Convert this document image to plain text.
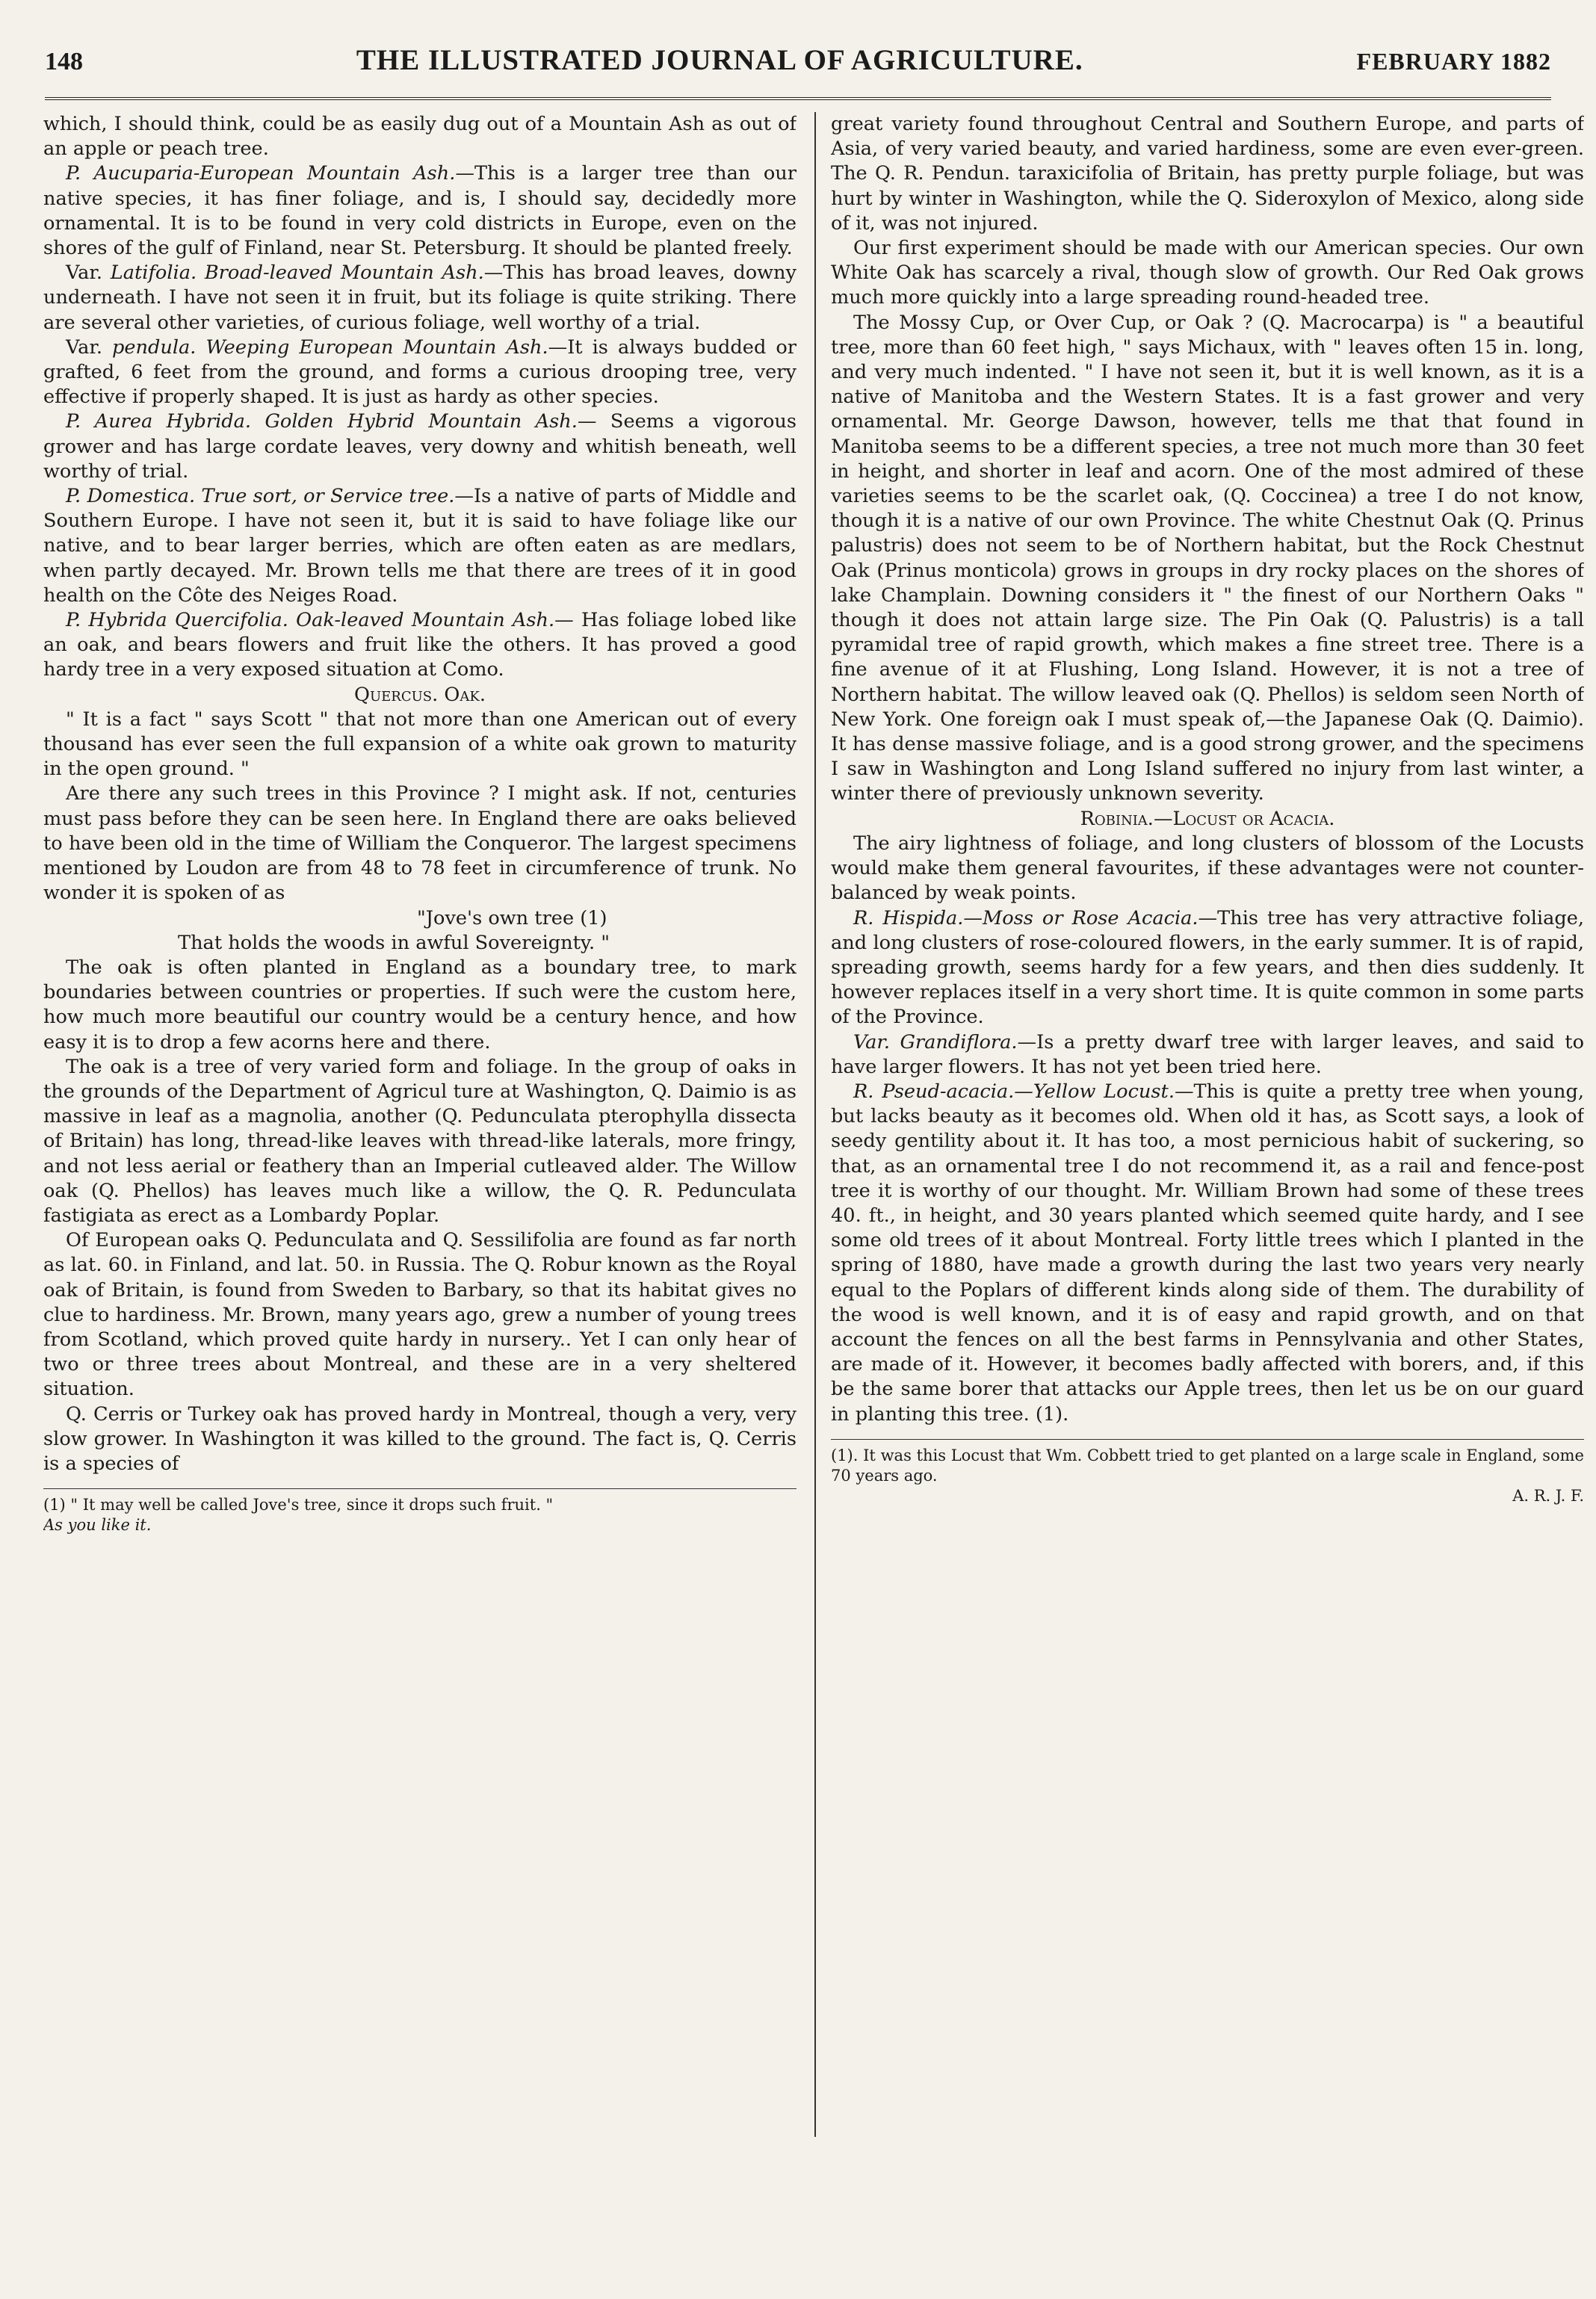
148	THE ILLUSTRATED JOURNAL OF AGRICULTURE.	FEBRUARY 1882

which, I should think, could be as easily dug out of a Mountain Ash as out of an apple or peach tree.

P. Aucuparia-European Mountain Ash.—This is a larger tree than our native species, it has finer foliage, and is, I should say, decidedly more ornamental. It is to be found in very cold districts in Europe, even on the shores of the gulf of Finland, near St. Petersburg. It should be planted freely.

Var. Latifolia. Broad-leaved Mountain Ash.—This has broad leaves, downy underneath. I have not seen it in fruit, but its foliage is quite striking. There are several other varieties, of curious foliage, well worthy of a trial.

Var. pendula. Weeping European Mountain Ash.—It is always budded or grafted, 6 feet from the ground, and forms a curious drooping tree, very effective if properly shaped. It is just as hardy as other species.

P. Aurea Hybrida. Golden Hybrid Mountain Ash.— Seems a vigorous grower and has large cordate leaves, very downy and whitish beneath, well worthy of trial.

P. Domestica. True sort, or Service tree.—Is a native of parts of Middle and Southern Europe. I have not seen it, but it is said to have foliage like our native, and to bear larger berries, which are often eaten as are medlars, when partly decayed. Mr. Brown tells me that there are trees of it in good health on the Côte des Neiges Road.

P. Hybrida Quercifolia. Oak-leaved Mountain Ash.— Has foliage lobed like an oak, and bears flowers and fruit like the others. It has proved a good hardy tree in a very exposed situation at Como.

Quercus. Oak.

" It is a fact " says Scott " that not more than one American out of every thousand has ever seen the full expansion of a white oak grown to maturity in the open ground. "

Are there any such trees in this Province ? I might ask. If not, centuries must pass before they can be seen here. In England there are oaks believed to have been old in the time of William the Conqueror. The largest specimens mentioned by Loudon are from 48 to 78 feet in circumference of trunk. No wonder it is spoken of as

"Jove's own tree (1)

That holds the woods in awful Sovereignty. "

The oak is often planted in England as a boundary tree, to mark boundaries between countries or properties. If such were the custom here, how much more beautiful our country would be a century hence, and how easy it is to drop a few acorns here and there.

The oak is a tree of very varied form and foliage. In the group of oaks in the grounds of the Department of Agricul ture at Washington, Q. Daimio is as massive in leaf as a magnolia, another (Q. Pedunculata pterophylla dissecta of Britain) has long, thread-like leaves with thread-like laterals, more fringy, and not less aerial or feathery than an Imperial cutleaved alder. The Willow oak (Q. Phellos) has leaves much like a willow, the Q. R. Pedunculata fastigiata as erect as a Lombardy Poplar.

Of European oaks Q. Pedunculata and Q. Sessilifolia are found as far north as lat. 60. in Finland, and lat. 50. in Russia. The Q. Robur known as the Royal oak of Britain, is found from Sweden to Barbary, so that its habitat gives no clue to hardiness. Mr. Brown, many years ago, grew a number of young trees from Scotland, which proved quite hardy in nursery.. Yet I can only hear of two or three trees about Montreal, and these are in a very sheltered situation.

Q. Cerris or Turkey oak has proved hardy in Montreal, though a very, very slow grower. In Washington it was killed to the ground. The fact is, Q. Cerris is a species of

(1) " It may well be called Jove's tree, since it drops such fruit. "

As you like it.

great variety found throughout Central and Southern Europe, and parts of Asia, of very varied beauty, and varied hardiness, some are even ever-green. The Q. R. Pendun. taraxicifolia of Britain, has pretty purple foliage, but was hurt by winter in Washington, while the Q. Sideroxylon of Mexico, along side of it, was not injured.

Our first experiment should be made with our American species. Our own White Oak has scarcely a rival, though slow of growth. Our Red Oak grows much more quickly into a large spreading round-headed tree.

The Mossy Cup, or Over Cup, or Oak ? (Q. Macrocarpa) is " a beautiful tree, more than 60 feet high, " says Michaux, with " leaves often 15 in. long, and very much indented. " I have not seen it, but it is well known, as it is a native of Manitoba and the Western States. It is a fast grower and very ornamental. Mr. George Dawson, however, tells me that that found in Manitoba seems to be a different species, a tree not much more than 30 feet in height, and shorter in leaf and acorn. One of the most admired of these varieties seems to be the scarlet oak, (Q. Coccinea) a tree I do not know, though it is a native of our own Province. The white Chestnut Oak (Q. Prinus palustris) does not seem to be of Northern habitat, but the Rock Chestnut Oak (Prinus monticola) grows in groups in dry rocky places on the shores of lake Champlain. Downing considers it " the finest of our Northern Oaks " though it does not attain large size. The Pin Oak (Q. Palustris) is a tall pyramidal tree of rapid growth, which makes a fine street tree. There is a fine avenue of it at Flushing, Long Island. However, it is not a tree of Northern habitat. The willow leaved oak (Q. Phellos) is seldom seen North of New York. One foreign oak I must speak of,—the Japanese Oak (Q. Daimio). It has dense massive foliage, and is a good strong grower, and the specimens I saw in Washington and Long Island suffered no injury from last winter, a winter there of previously unknown severity.

Robinia.—Locust or Acacia.

The airy lightness of foliage, and long clusters of blossom of the Locusts would make them general favourites, if these advantages were not counter-balanced by weak points.

R. Hispida.—Moss or Rose Acacia.—This tree has very attractive foliage, and long clusters of rose-coloured flowers, in the early summer. It is of rapid, spreading growth, seems hardy for a few years, and then dies suddenly. It however replaces itself in a very short time. It is quite common in some parts of the Province.

Var. Grandiflora.—Is a pretty dwarf tree with larger leaves, and said to have larger flowers. It has not yet been tried here.

R. Pseud-acacia.—Yellow Locust.—This is quite a pretty tree when young, but lacks beauty as it becomes old. When old it has, as Scott says, a look of seedy gentility about it. It has too, a most pernicious habit of suckering, so that, as an ornamental tree I do not recommend it, as a rail and fence-post tree it is worthy of our thought. Mr. William Brown had some of these trees 40. ft., in height, and 30 years planted which seemed quite hardy, and I see some old trees of it about Montreal. Forty little trees which I planted in the spring of 1880, have made a growth during the last two years very nearly equal to the Poplars of different kinds along side of them. The durability of the wood is well known, and it is of easy and rapid growth, and on that account the fences on all the best farms in Pennsylvania and other States, are made of it. However, it becomes badly affected with borers, and, if this be the same borer that attacks our Apple trees, then let us be on our guard in planting this tree. (1).

(1). It was this Locust that Wm. Cobbett tried to get planted on a large scale in England, some 70 years ago.

A. R. J. F.
